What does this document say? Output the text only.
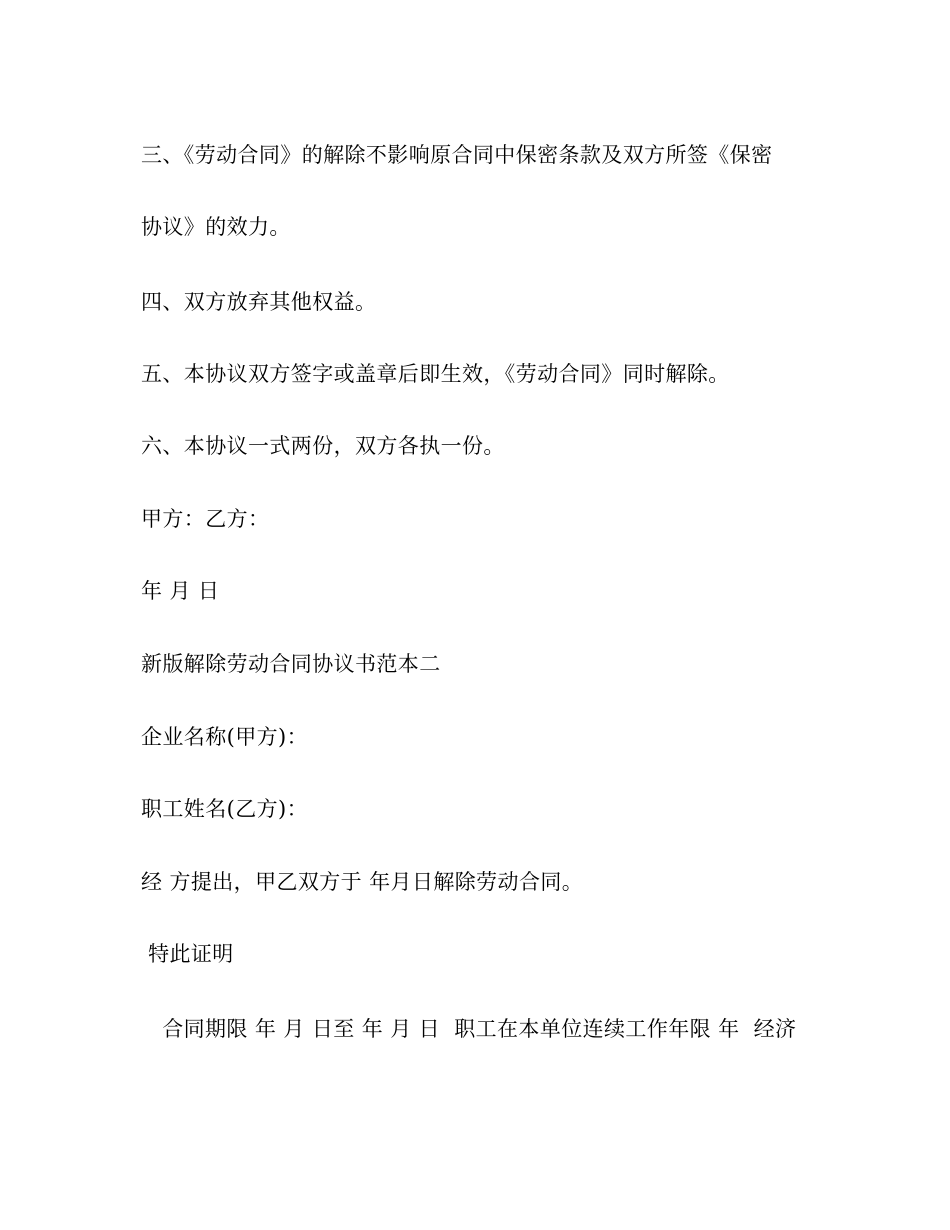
三、《劳动合同》的解除不影响原合同中保密条款及双方所签《保密
协议》的效力。
四、双方放弃其他权益。
五、本协议双方签字或盖章后即生效，《劳动合同》同时解除。
六、本协议一式两份，双方各执一份。
甲方：乙方：
年 月 日
新版解除劳动合同协议书范本二
企业名称(甲方)：
职工姓名(乙方)：
经 方提出，甲乙双方于 年月日解除劳动合同。
特此证明
合同期限 年 月 日至 年 月 日  职工在本单位连续工作年限 年  经济
